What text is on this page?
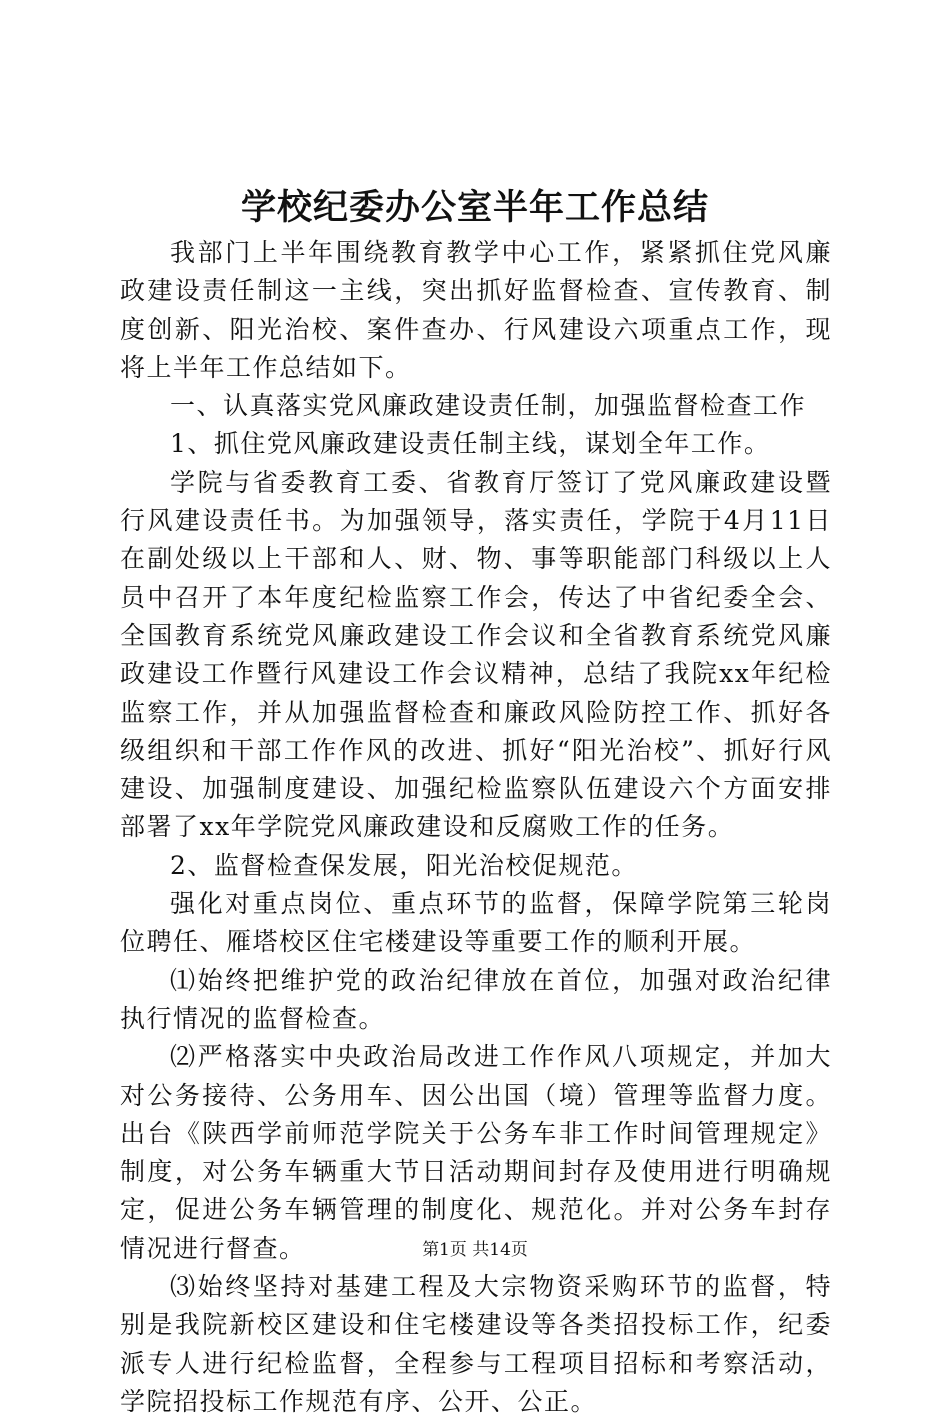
学校纪委办公室半年工作总结

我部门上半年围绕教育教学中心工作，紧紧抓住党风廉政建设责任制这一主线，突出抓好监督检查、宣传教育、制度创新、阳光治校、案件查办、行风建设六项重点工作，现将上半年工作总结如下。

一、认真落实党风廉政建设责任制，加强监督检查工作

1、抓住党风廉政建设责任制主线，谋划全年工作。

学院与省委教育工委、省教育厅签订了党风廉政建设暨行风建设责任书。为加强领导，落实责任，学院于4月11日在副处级以上干部和人、财、物、事等职能部门科级以上人员中召开了本年度纪检监察工作会，传达了中省纪委全会、全国教育系统党风廉政建设工作会议和全省教育系统党风廉政建设工作暨行风建设工作会议精神，总结了我院xx年纪检监察工作，并从加强监督检查和廉政风险防控工作、抓好各级组织和干部工作作风的改进、抓好“阳光治校”、抓好行风建设、加强制度建设、加强纪检监察队伍建设六个方面安排部署了xx年学院党风廉政建设和反腐败工作的任务。

2、监督检查保发展，阳光治校促规范。

强化对重点岗位、重点环节的监督，保障学院第三轮岗位聘任、雁塔校区住宅楼建设等重要工作的顺利开展。

⑴始终把维护党的政治纪律放在首位，加强对政治纪律执行情况的监督检查。

⑵严格落实中央政治局改进工作作风八项规定，并加大对公务接待、公务用车、因公出国（境）管理等监督力度。出台《陕西学前师范学院关于公务车非工作时间管理规定》制度，对公务车辆重大节日活动期间封存及使用进行明确规定，促进公务车辆管理的制度化、规范化。并对公务车封存情况进行督查。

⑶始终坚持对基建工程及大宗物资采购环节的监督，特别是我院新校区建设和住宅楼建设等各类招投标工作，纪委派专人进行纪检监督，全程参与工程项目招标和考察活动，学院招投标工作规范有序、公开、公正。

第1页 共14页
